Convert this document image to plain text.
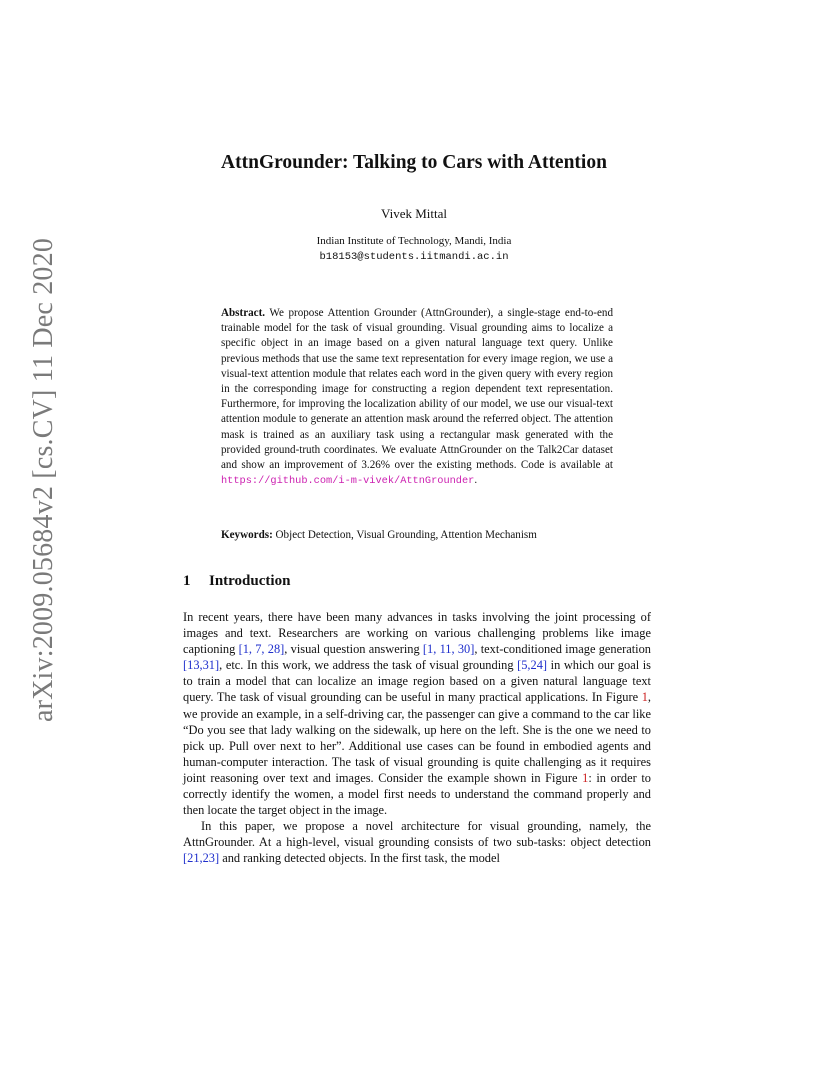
arXiv:2009.05684v2 [cs.CV] 11 Dec 2020
AttnGrounder: Talking to Cars with Attention
Vivek Mittal
Indian Institute of Technology, Mandi, India
b18153@students.iitmandi.ac.in
Abstract. We propose Attention Grounder (AttnGrounder), a single-stage end-to-end trainable model for the task of visual grounding. Visual grounding aims to localize a specific object in an image based on a given natural language text query. Unlike previous methods that use the same text representation for every image region, we use a visual-text attention module that relates each word in the given query with every region in the corresponding image for constructing a region dependent text representation. Furthermore, for improving the localization ability of our model, we use our visual-text attention module to generate an attention mask around the referred object. The attention mask is trained as an auxiliary task using a rectangular mask generated with the provided ground-truth coordinates. We evaluate AttnGrounder on the Talk2Car dataset and show an improvement of 3.26% over the existing methods. Code is available at https://github.com/i-m-vivek/AttnGrounder.
Keywords: Object Detection, Visual Grounding, Attention Mechanism
1 Introduction

In recent years, there have been many advances in tasks involving the joint processing of images and text. Researchers are working on various challenging problems like image captioning [1, 7, 28], visual question answering [1, 11, 30], text-conditioned image generation [13,31], etc. In this work, we address the task of visual grounding [5,24] in which our goal is to train a model that can localize an image region based on a given natural language text query. The task of visual grounding can be useful in many practical applications. In Figure 1, we provide an example, in a self-driving car, the passenger can give a command to the car like “Do you see that lady walking on the sidewalk, up here on the left. She is the one we need to pick up. Pull over next to her”. Additional use cases can be found in embodied agents and human-computer interaction. The task of visual grounding is quite challenging as it requires joint reasoning over text and images. Consider the example shown in Figure 1: in order to correctly identify the women, a model first needs to understand the command properly and then locate the target object in the image.

In this paper, we propose a novel architecture for visual grounding, namely, the AttnGrounder. At a high-level, visual grounding consists of two sub-tasks: object detection [21,23] and ranking detected objects. In the first task, the model
